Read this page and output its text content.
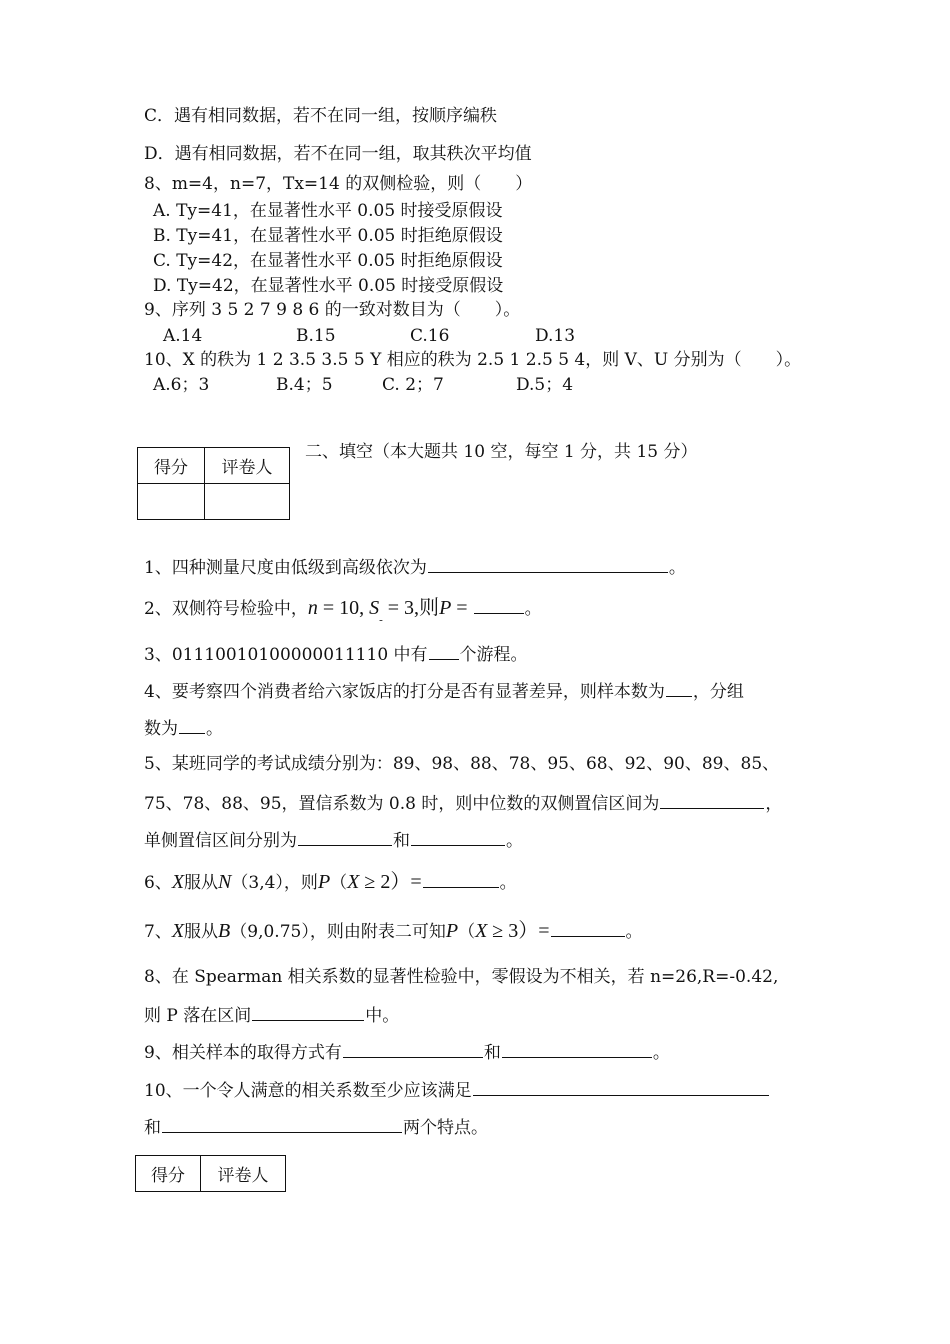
C．遇有相同数据，若不在同一组，按顺序编秩
D．遇有相同数据，若不在同一组，取其秩次平均值
8、m=4，n=7，Tx=14 的双侧检验，则（　　）
A. Ty=41，在显著性水平 0.05 时接受原假设
B. Ty=41，在显著性水平 0.05 时拒绝原假设
C. Ty=42，在显著性水平 0.05 时拒绝原假设
D. Ty=42，在显著性水平 0.05 时接受原假设
9、序列 3 5 2 7 9 8 6 的一致对数目为（　　）。
A.14	B.15	C.16	D.13
10、X 的秩为 1 2 3.5 3.5 5 Y 相应的秩为 2.5 1 2.5 5 4，则 V、U 分别为（　　）。
A.6；3	B.4；5	C. 2；7	D.5；4
得分	评卷人

二、填空（本大题共 10 空，每空 1 分，共 15 分）
1、四种测量尺度由低级到高级依次为	。
2、双侧符号检验中，n = 10, $S_- = 3$,则P =	。
3、01110010100000011110 中有 个游程。
4、要考察四个消费者给六家饭店的打分是否有显著差异，则样本数为 ，分组
数为 。
5、某班同学的考试成绩分别为：89、98、88、78、95、68、92、90、89、85、
75、78、88、95，置信系数为 0.8 时，则中位数的双侧置信区间为	，
单侧置信区间分别为	和	。
6、X服从N（3,4），则P（X ≥ 2）=	。
7、X服从B（9,0.75），则由附表二可知P（X ≥ 3）=	。
8、在 Spearman 相关系数的显著性检验中，零假设为不相关，若 n=26,R=-0.42,
则 P 落在区间	中。
9、相关样本的取得方式有	和	。
10、一个令人满意的相关系数至少应该满足
和	两个特点。
得分	评卷人
